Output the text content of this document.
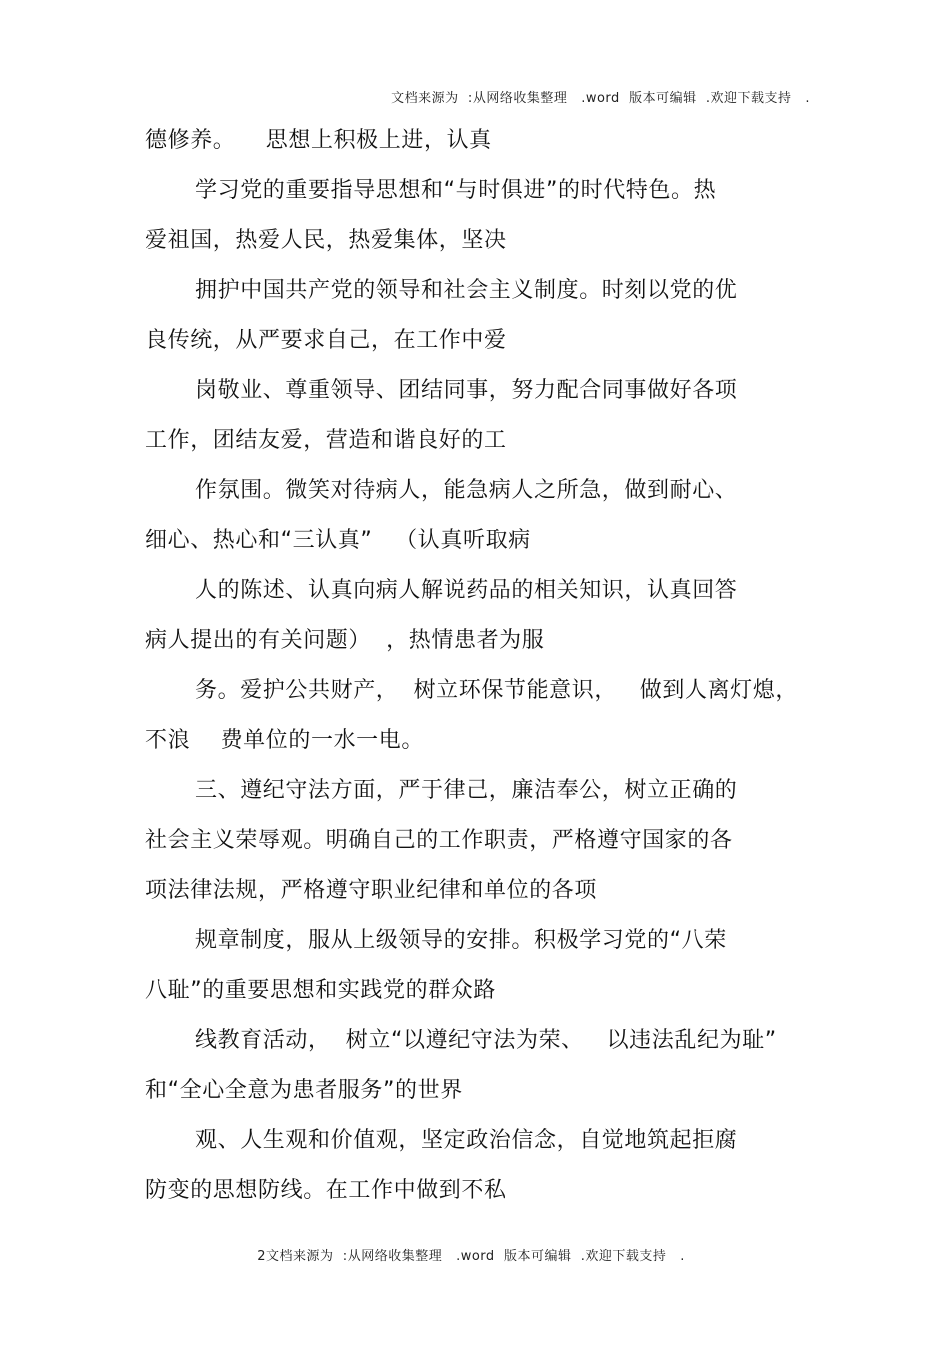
文档来源为  :从网络收集整理   .word  版本可编辑  .欢迎下载支持   .

德修养。    思想上积极上进，认真
学习党的重要指导思想和“与时俱进”的时代特色。热
爱祖国，热爱人民，热爱集体，坚决
拥护中国共产党的领导和社会主义制度。时刻以党的优
良传统，从严要求自己，在工作中爱
岗敬业、尊重领导、团结同事，努力配合同事做好各项
工作，团结友爱，营造和谐良好的工
作氛围。微笑对待病人，能急病人之所急，做到耐心、
细心、热心和“三认真”   （认真听取病
人的陈述、认真向病人解说药品的相关知识，认真回答
病人提出的有关问题）  ，热情患者为服
务。爱护公共财产，  树立环保节能意识，   做到人离灯熄，
不浪    费单位的一水一电。
三、遵纪守法方面，严于律己，廉洁奉公，树立正确的
社会主义荣辱观。明确自己的工作职责，严格遵守国家的各
项法律法规，严格遵守职业纪律和单位的各项
规章制度，服从上级领导的安排。积极学习党的“八荣
八耻”的重要思想和实践党的群众路
线教育活动，  树立“以遵纪守法为荣、   以违法乱纪为耻”
和“全心全意为患者服务”的世界
观、人生观和价值观，坚定政治信念，自觉地筑起拒腐
防变的思想防线。在工作中做到不私

2文档来源为  :从网络收集整理   .word  版本可编辑  .欢迎下载支持   .
